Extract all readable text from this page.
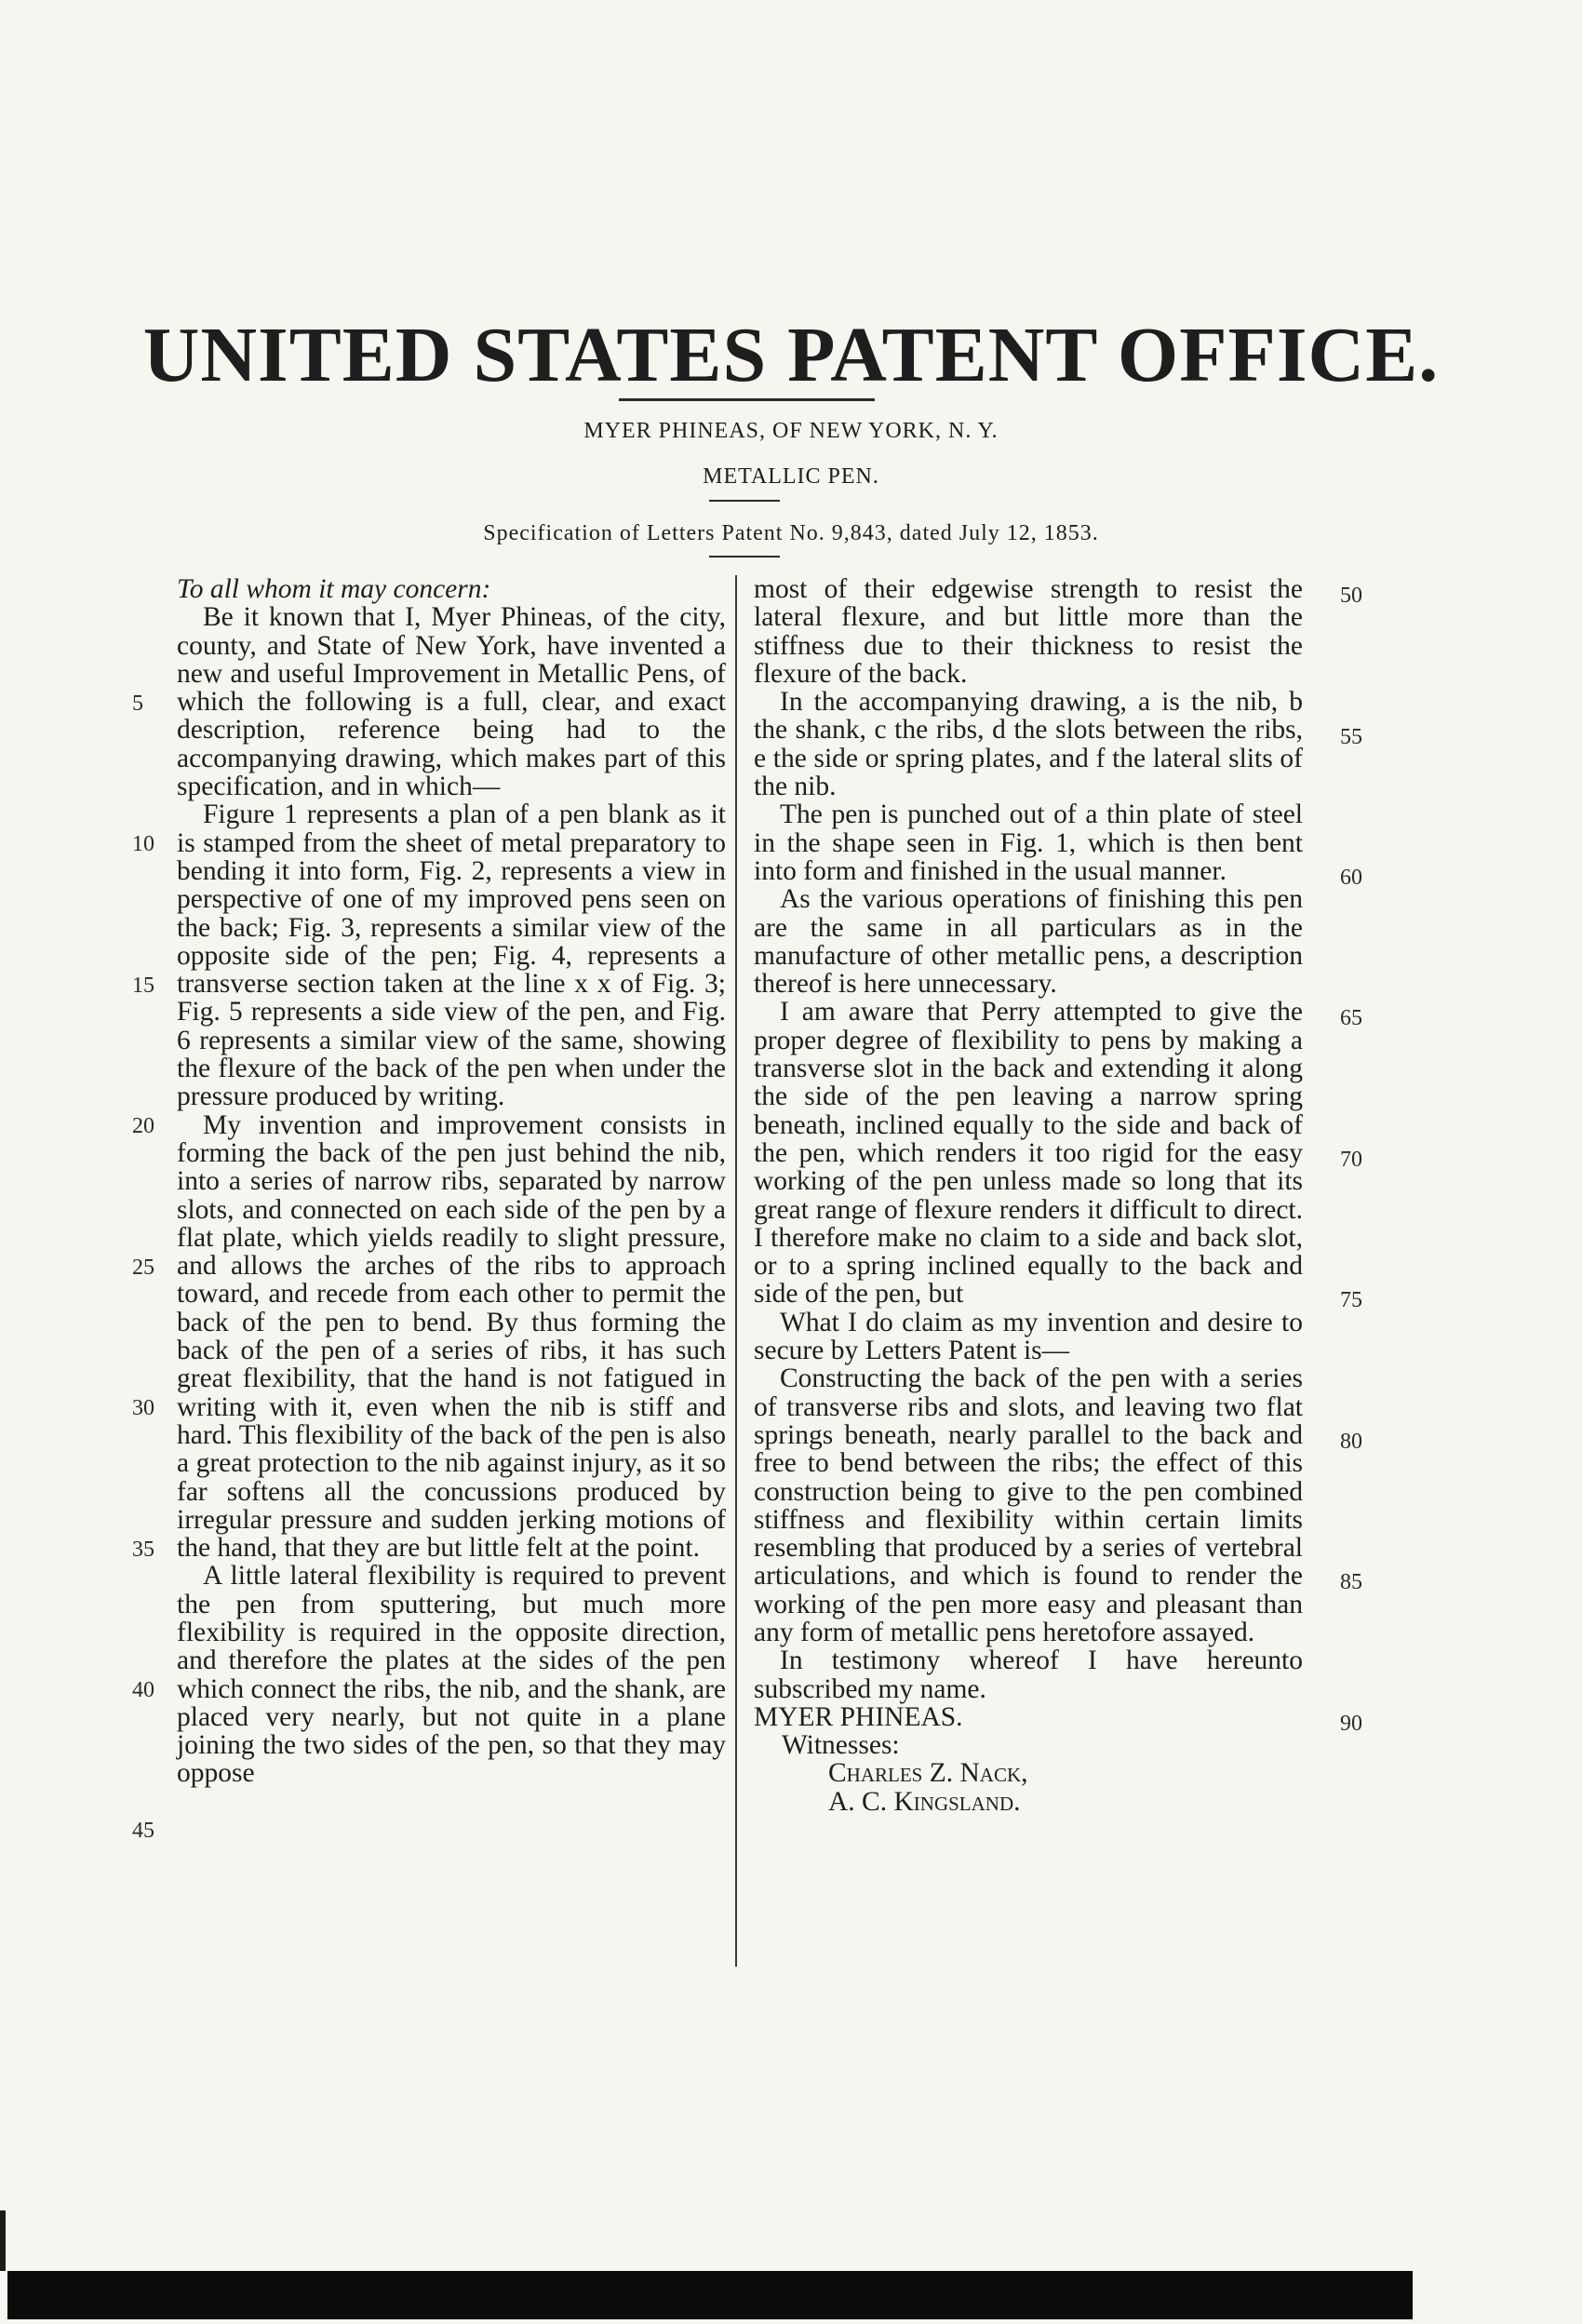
UNITED STATES PATENT OFFICE.
MYER PHINEAS, OF NEW YORK, N. Y.
METALLIC PEN.
Specification of Letters Patent No. 9,843, dated July 12, 1853.

To all whom it may concern:

Be it known that I, Myer Phineas, of the city, county, and State of New York, have invented a new and useful Improvement in Metallic Pens, of which the following is a full, clear, and exact description, reference being had to the accompanying drawing, which makes part of this specification, and in which—

Figure 1 represents a plan of a pen blank as it is stamped from the sheet of metal preparatory to bending it into form, Fig. 2, represents a view in perspective of one of my improved pens seen on the back; Fig. 3, represents a similar view of the opposite side of the pen; Fig. 4, represents a transverse section taken at the line x x of Fig. 3; Fig. 5 represents a side view of the pen, and Fig. 6 represents a similar view of the same, showing the flexure of the back of the pen when under the pressure produced by writing.

My invention and improvement consists in forming the back of the pen just behind the nib, into a series of narrow ribs, separated by narrow slots, and connected on each side of the pen by a flat plate, which yields readily to slight pressure, and allows the arches of the ribs to approach toward, and recede from each other to permit the back of the pen to bend. By thus forming the back of the pen of a series of ribs, it has such great flexibility, that the hand is not fatigued in writing with it, even when the nib is stiff and hard. This flexibility of the back of the pen is also a great protection to the nib against injury, as it so far softens all the concussions produced by irregular pressure and sudden jerking motions of the hand, that they are but little felt at the point.

A little lateral flexibility is required to prevent the pen from sputtering, but much more flexibility is required in the opposite direction, and therefore the plates at the sides of the pen which connect the ribs, the nib, and the shank, are placed very nearly, but not quite in a plane joining the two sides of the pen, so that they may oppose

most of their edgewise strength to resist the lateral flexure, and but little more than the stiffness due to their thickness to resist the flexure of the back.

In the accompanying drawing, a is the nib, b the shank, c the ribs, d the slots between the ribs, e the side or spring plates, and f the lateral slits of the nib.

The pen is punched out of a thin plate of steel in the shape seen in Fig. 1, which is then bent into form and finished in the usual manner.

As the various operations of finishing this pen are the same in all particulars as in the manufacture of other metallic pens, a description thereof is here unnecessary.

I am aware that Perry attempted to give the proper degree of flexibility to pens by making a transverse slot in the back and extending it along the side of the pen leaving a narrow spring beneath, inclined equally to the side and back of the pen, which renders it too rigid for the easy working of the pen unless made so long that its great range of flexure renders it difficult to direct. I therefore make no claim to a side and back slot, or to a spring inclined equally to the back and side of the pen, but

What I do claim as my invention and desire to secure by Letters Patent is—

Constructing the back of the pen with a series of transverse ribs and slots, and leaving two flat springs beneath, nearly parallel to the back and free to bend between the ribs; the effect of this construction being to give to the pen combined stiffness and flexibility within certain limits resembling that produced by a series of vertebral articulations, and which is found to render the working of the pen more easy and pleasant than any form of metallic pens heretofore assayed.

In testimony whereof I have hereunto subscribed my name.

MYER PHINEAS.

Witnesses:

Charles Z. Nack,

A. C. Kingsland.

5
10
15
20
25
30
35
40
45
50
55
60
65
70
75
80
85
90
